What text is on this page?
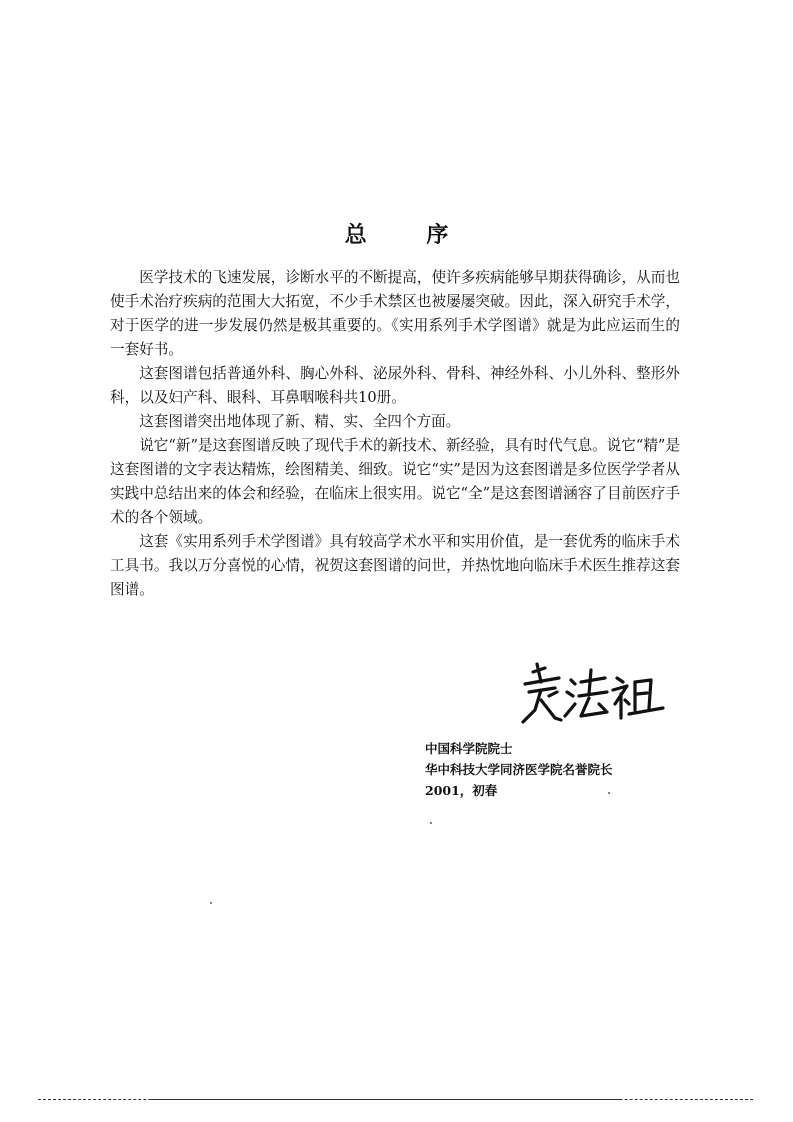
总 序

医学技术的飞速发展，诊断水平的不断提高，使许多疾病能够早期获得确诊，从而也使手术治疗疾病的范围大大拓宽，不少手术禁区也被屡屡突破。因此，深入研究手术学，对于医学的进一步发展仍然是极其重要的。《实用系列手术学图谱》就是为此应运而生的一套好书。

这套图谱包括普通外科、胸心外科、泌尿外科、骨科、神经外科、小儿外科、整形外科，以及妇产科、眼科、耳鼻咽喉科共10册。

这套图谱突出地体现了新、精、实、全四个方面。

说它“新”是这套图谱反映了现代手术的新技术、新经验，具有时代气息。说它“精”是这套图谱的文字表达精炼，绘图精美、细致。说它“实”是因为这套图谱是多位医学学者从实践中总结出来的体会和经验，在临床上很实用。说它“全”是这套图谱涵容了目前医疗手术的各个领域。

这套《实用系列手术学图谱》具有较高学术水平和实用价值，是一套优秀的临床手术工具书。我以万分喜悦的心情，祝贺这套图谱的问世，并热忱地向临床手术医生推荐这套图谱。

中国科学院院士
华中科技大学同济医学院名誉院长
2001，初春
